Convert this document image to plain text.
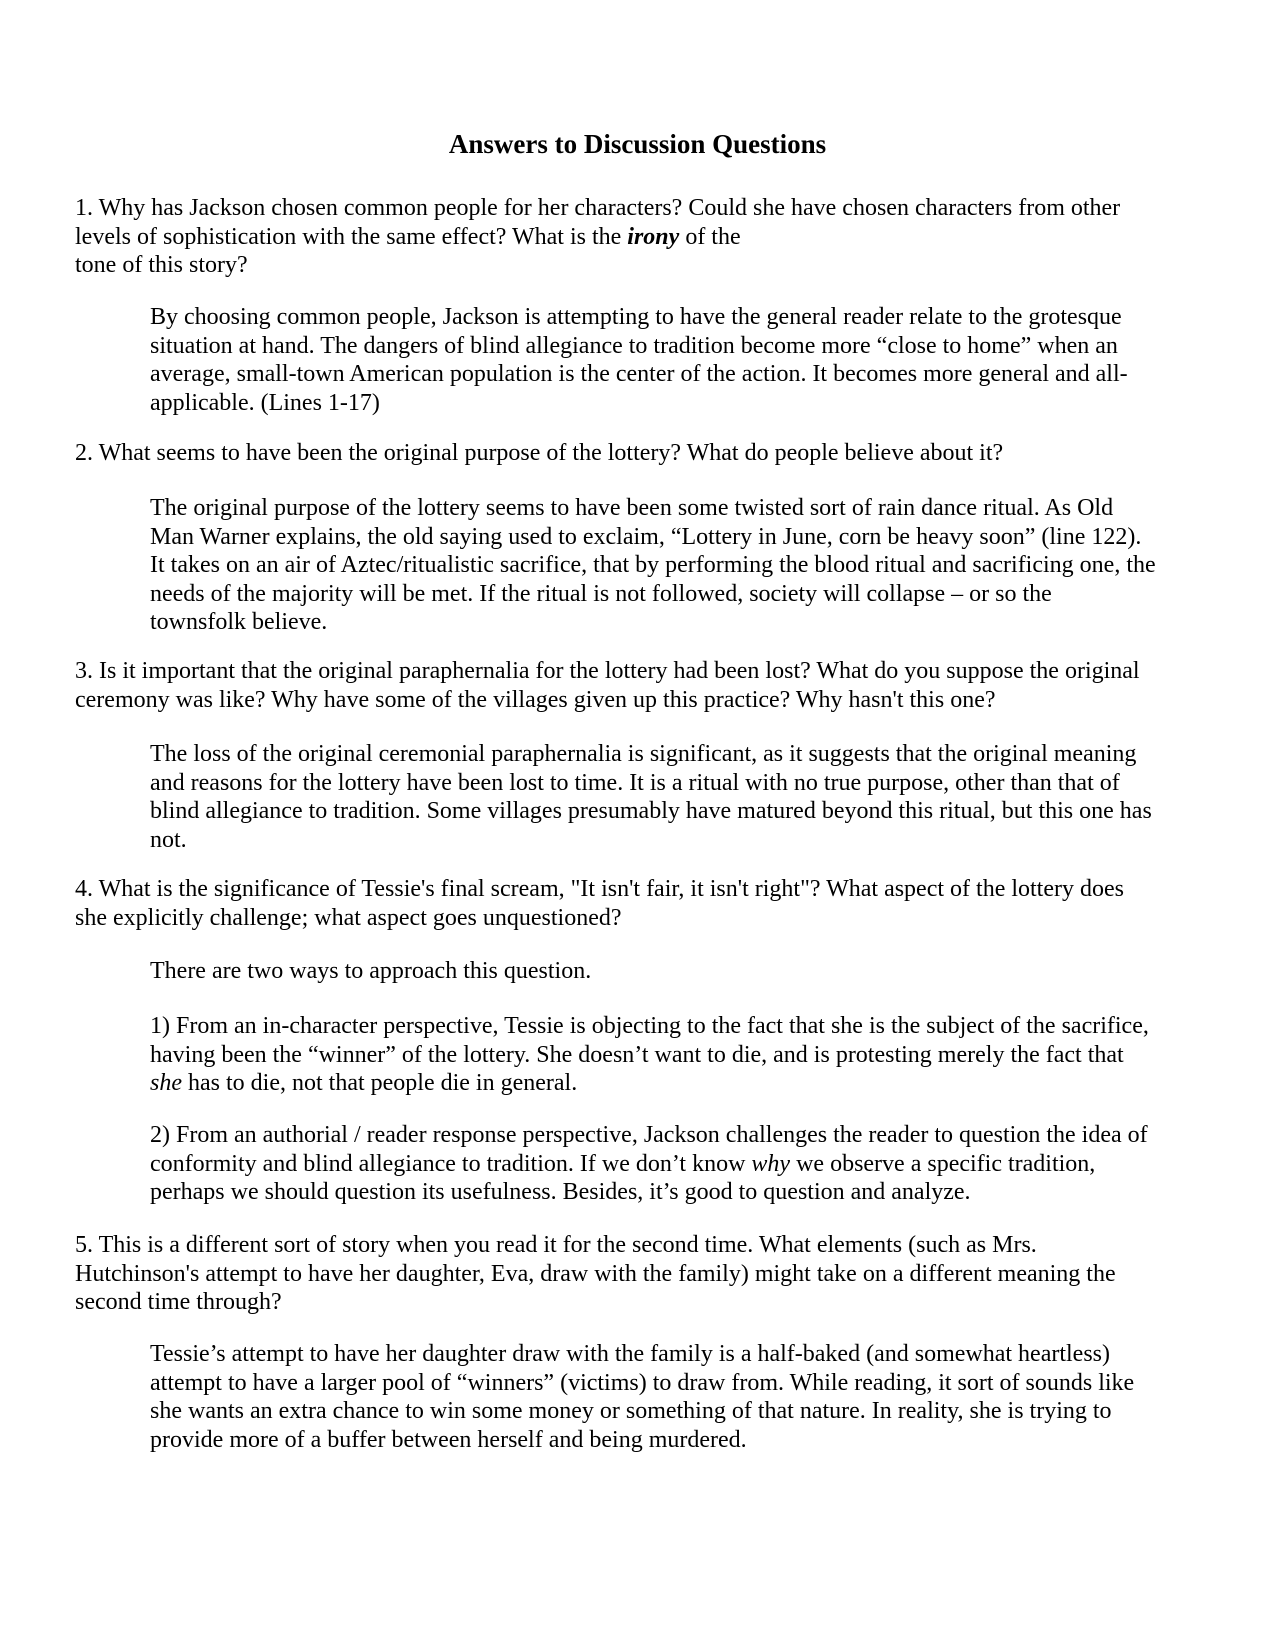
Answers to Discussion Questions
1. Why has Jackson chosen common people for her characters? Could she have chosen characters from other
levels of sophistication with the same effect? What is the irony of the
tone of this story?
By choosing common people, Jackson is attempting to have the general reader relate to the grotesque
situation at hand. The dangers of blind allegiance to tradition become more “close to home” when an
average, small-town American population is the center of the action. It becomes more general and all-
applicable. (Lines 1-17)
2. What seems to have been the original purpose of the lottery? What do people believe about it?
The original purpose of the lottery seems to have been some twisted sort of rain dance ritual. As Old
Man Warner explains, the old saying used to exclaim, “Lottery in June, corn be heavy soon” (line 122).
It takes on an air of Aztec/ritualistic sacrifice, that by performing the blood ritual and sacrificing one, the
needs of the majority will be met. If the ritual is not followed, society will collapse – or so the
townsfolk believe.
3. Is it important that the original paraphernalia for the lottery had been lost? What do you suppose the original
ceremony was like? Why have some of the villages given up this practice? Why hasn't this one?
The loss of the original ceremonial paraphernalia is significant, as it suggests that the original meaning
and reasons for the lottery have been lost to time. It is a ritual with no true purpose, other than that of
blind allegiance to tradition. Some villages presumably have matured beyond this ritual, but this one has
not.
4. What is the significance of Tessie's final scream, "It isn't fair, it isn't right"? What aspect of the lottery does
she explicitly challenge; what aspect goes unquestioned?
There are two ways to approach this question.
1) From an in-character perspective, Tessie is objecting to the fact that she is the subject of the sacrifice,
having been the “winner” of the lottery. She doesn’t want to die, and is protesting merely the fact that
she has to die, not that people die in general.
2) From an authorial / reader response perspective, Jackson challenges the reader to question the idea of
conformity and blind allegiance to tradition. If we don’t know why we observe a specific tradition,
perhaps we should question its usefulness. Besides, it’s good to question and analyze.
5. This is a different sort of story when you read it for the second time. What elements (such as Mrs.
Hutchinson's attempt to have her daughter, Eva, draw with the family) might take on a different meaning the
second time through?
Tessie’s attempt to have her daughter draw with the family is a half-baked (and somewhat heartless)
attempt to have a larger pool of “winners” (victims) to draw from. While reading, it sort of sounds like
she wants an extra chance to win some money or something of that nature. In reality, she is trying to
provide more of a buffer between herself and being murdered.
